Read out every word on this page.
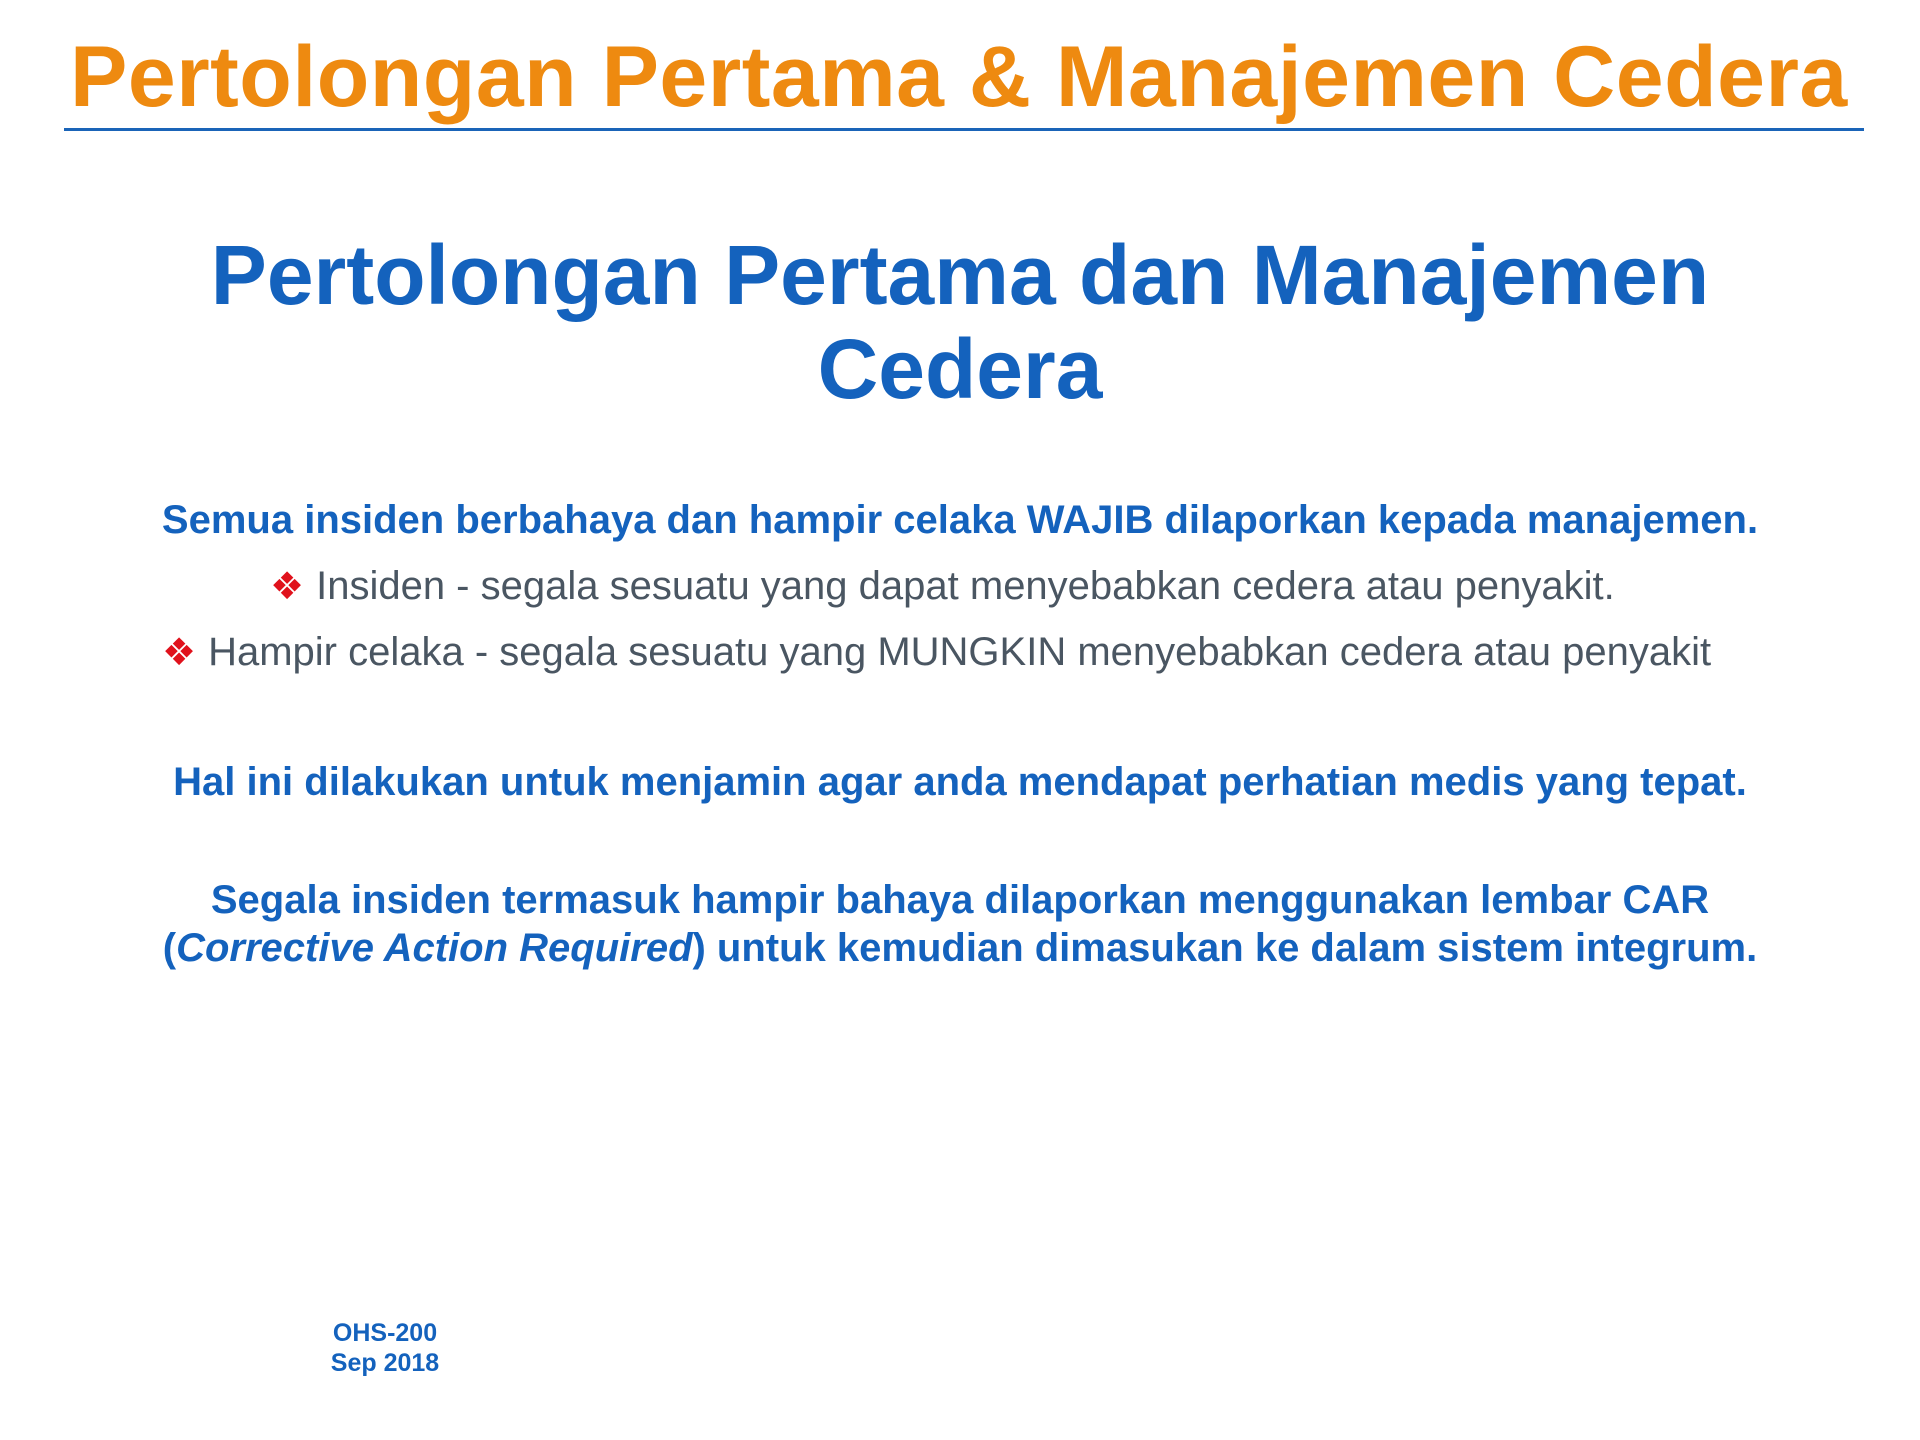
Pertolongan Pertama & Manajemen Cedera
Pertolongan Pertama dan Manajemen
Cedera

Semua insiden berbahaya dan hampir celaka WAJIB dilaporkan kepada manajemen.

❖ Insiden - segala sesuatu yang dapat menyebabkan cedera atau penyakit.
❖ Hampir celaka - segala sesuatu yang MUNGKIN menyebabkan cedera atau penyakit

Hal ini dilakukan untuk menjamin agar anda mendapat perhatian medis yang tepat.

Segala insiden termasuk hampir bahaya dilaporkan menggunakan lembar CAR
(Corrective Action Required) untuk kemudian dimasukan ke dalam sistem integrum.

OHS-200
Sep 2018
